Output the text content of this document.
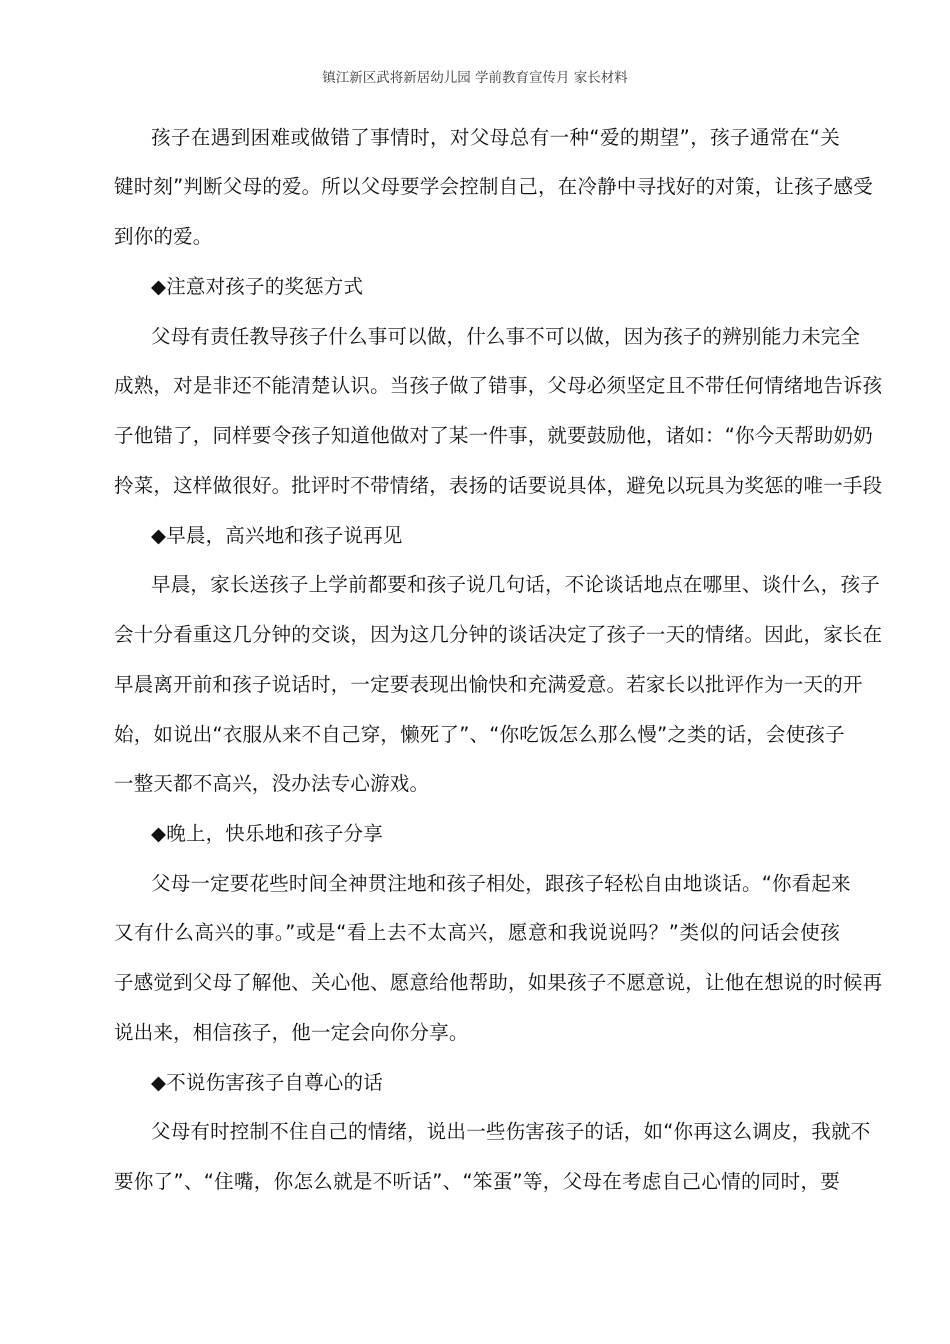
镇江新区武将新居幼儿园 学前教育宣传月 家长材料
孩子在遇到困难或做错了事情时，对父母总有一种“爱的期望”，孩子通常在“关
键时刻”判断父母的爱。所以父母要学会控制自己，在冷静中寻找好的对策，让孩子感受
到你的爱。
◆注意对孩子的奖惩方式
父母有责任教导孩子什么事可以做，什么事不可以做，因为孩子的辨别能力未完全
成熟，对是非还不能清楚认识。当孩子做了错事，父母必须坚定且不带任何情绪地告诉孩
子他错了，同样要令孩子知道他做对了某一件事，就要鼓励他，诸如：“你今天帮助奶奶
拎菜，这样做很好。批评时不带情绪，表扬的话要说具体，避免以玩具为奖惩的唯一手段
◆早晨，高兴地和孩子说再见
早晨，家长送孩子上学前都要和孩子说几句话，不论谈话地点在哪里、谈什么，孩子
会十分看重这几分钟的交谈，因为这几分钟的谈话决定了孩子一天的情绪。因此，家长在
早晨离开前和孩子说话时，一定要表现出愉快和充满爱意。若家长以批评作为一天的开
始，如说出“衣服从来不自己穿，懒死了”、“你吃饭怎么那么慢”之类的话，会使孩子
一整天都不高兴，没办法专心游戏。
◆晚上，快乐地和孩子分享
父母一定要花些时间全神贯注地和孩子相处，跟孩子轻松自由地谈话。“你看起来
又有什么高兴的事。”或是“看上去不太高兴，愿意和我说说吗？”类似的问话会使孩
子感觉到父母了解他、关心他、愿意给他帮助，如果孩子不愿意说，让他在想说的时候再
说出来，相信孩子，他一定会向你分享。
◆不说伤害孩子自尊心的话
父母有时控制不住自己的情绪，说出一些伤害孩子的话，如“你再这么调皮，我就不
要你了”、“住嘴，你怎么就是不听话”、“笨蛋”等，父母在考虑自己心情的同时，要
